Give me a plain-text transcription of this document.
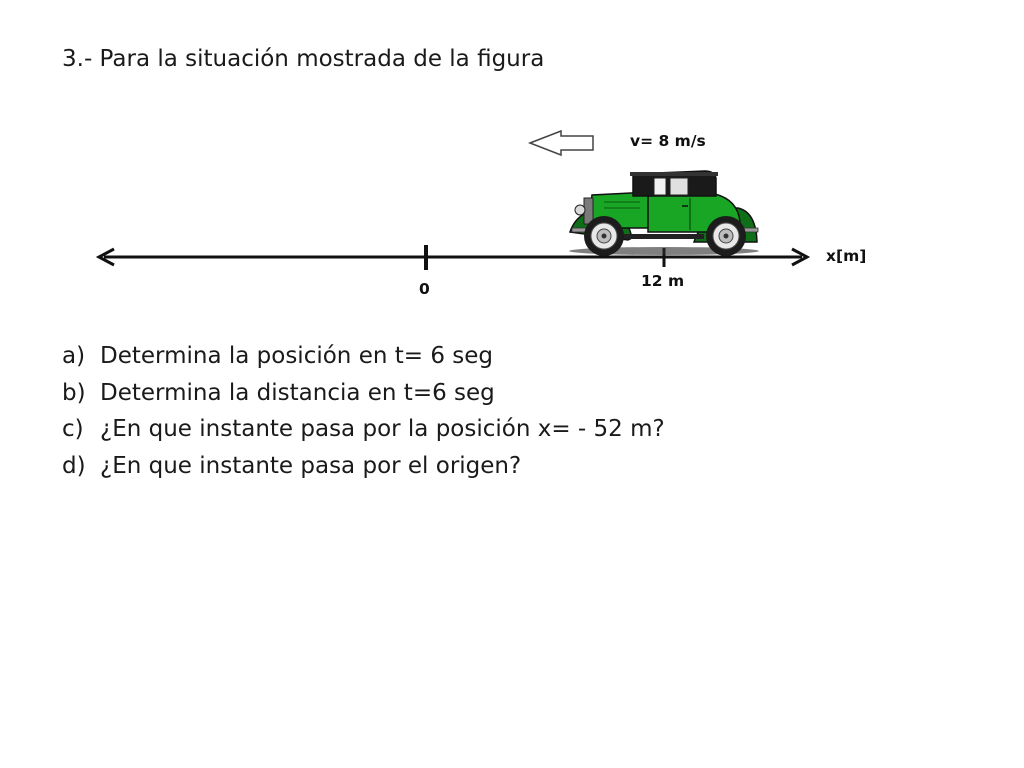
3.- Para la situación mostrada de la figura
v= 8 m/s
0	12 m
x[m]
a) Determina la posición en t= 6 seg
b) Determina la distancia en t=6 seg
c) ¿En que instante pasa por la posición x= - 52 m?
d) ¿En que instante pasa por el origen?
